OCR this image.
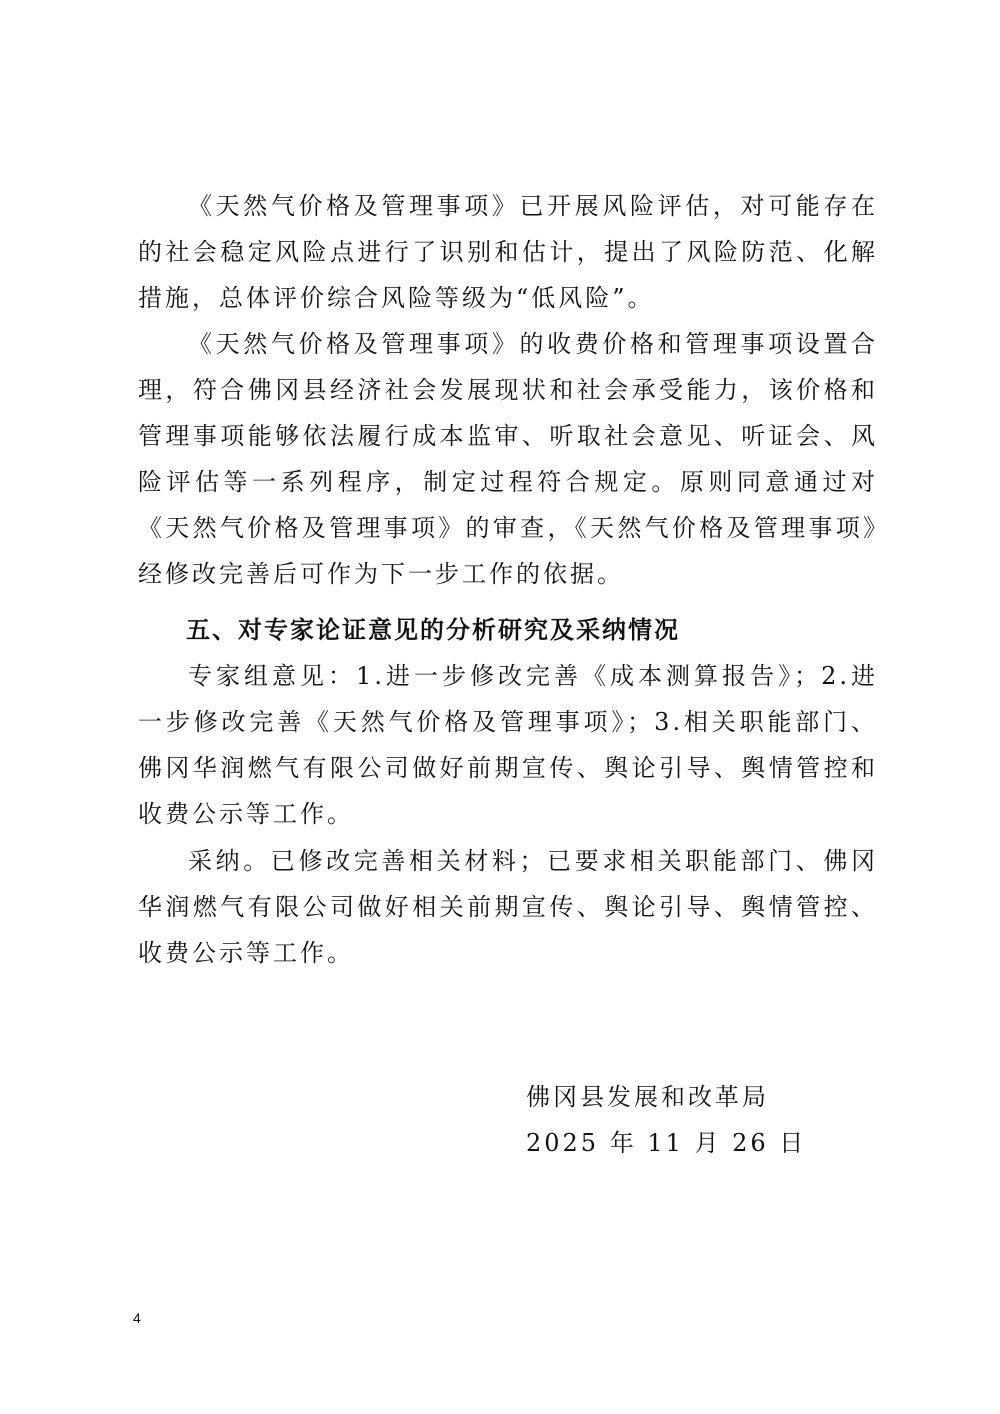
《天然气价格及管理事项》已开展风险评估，对可能存在的社会稳定风险点进行了识别和估计，提出了风险防范、化解措施，总体评价综合风险等级为“低风险”。

《天然气价格及管理事项》的收费价格和管理事项设置合理，符合佛冈县经济社会发展现状和社会承受能力，该价格和管理事项能够依法履行成本监审、听取社会意见、听证会、风险评估等一系列程序，制定过程符合规定。原则同意通过对《天然气价格及管理事项》的审查，《天然气价格及管理事项》经修改完善后可作为下一步工作的依据。

五、对专家论证意见的分析研究及采纳情况

专家组意见：1.进一步修改完善《成本测算报告》；2.进一步修改完善《天然气价格及管理事项》；3.相关职能部门、佛冈华润燃气有限公司做好前期宣传、舆论引导、舆情管控和收费公示等工作。

采纳。已修改完善相关材料；已要求相关职能部门、佛冈华润燃气有限公司做好相关前期宣传、舆论引导、舆情管控、收费公示等工作。

佛冈县发展和改革局

2025 年 11 月 26 日

4
